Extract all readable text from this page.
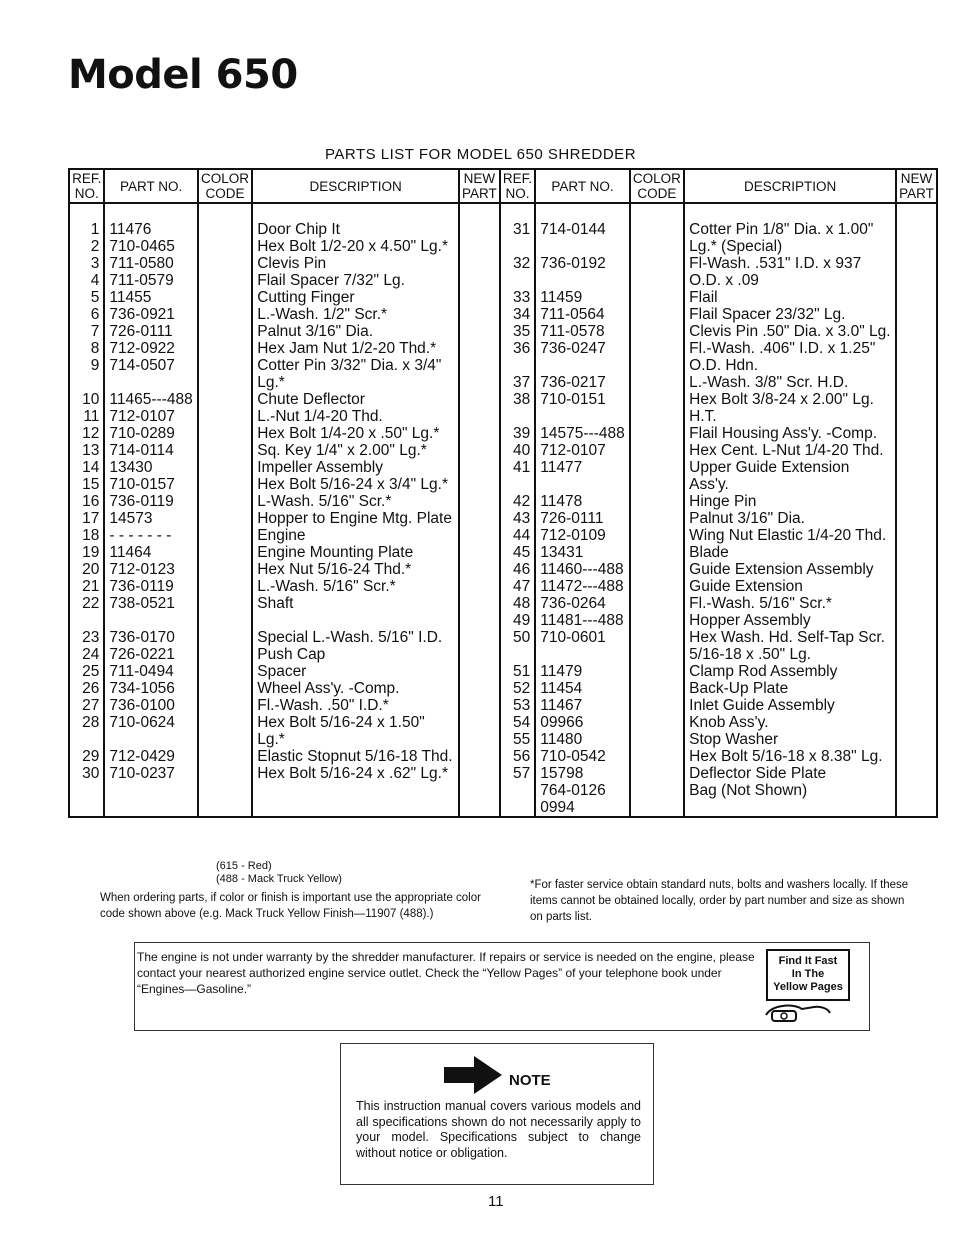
Model 650
PARTS LIST FOR MODEL 650 SHREDDER
REF. NO.	PART NO.	COLOR CODE	DESCRIPTION	NEW PART	REF. NO.	PART NO.	COLOR CODE	DESCRIPTION	NEW PART

1	11476		Door Chip It		31	714-0144		Cotter Pin 1/8" Dia. x 1.00"	
2	710-0465		Hex Bolt 1/2-20 x 4.50" Lg.*					Lg.* (Special)	
3	711-0580		Clevis Pin		32	736-0192		Fl-Wash. .531" I.D. x 937	
4	711-0579		Flail Spacer 7/32" Lg.					O.D. x .09	
5	11455		Cutting Finger		33	11459		Flail	
6	736-0921		L.-Wash. 1/2" Scr.*		34	711-0564		Flail Spacer 23/32" Lg.	
7	726-0111		Palnut 3/16" Dia.		35	711-0578		Clevis Pin .50" Dia. x 3.0" Lg.	
8	712-0922		Hex Jam Nut 1/2-20 Thd.*		36	736-0247		Fl.-Wash. .406" I.D. x 1.25"	
9	714-0507		Cotter Pin 3/32" Dia. x 3/4"					O.D. Hdn.	
			Lg.*		37	736-0217		L.-Wash. 3/8" Scr. H.D.	
10	11465---488		Chute Deflector		38	710-0151		Hex Bolt 3/8-24 x 2.00" Lg.	
11	712-0107		L.-Nut 1/4-20 Thd.					H.T.	
12	710-0289		Hex Bolt 1/4-20 x .50" Lg.*		39	14575---488		Flail Housing Ass'y. -Comp.	
13	714-0114		Sq. Key 1/4" x 2.00" Lg.*		40	712-0107		Hex Cent. L-Nut 1/4-20 Thd.	
14	13430		Impeller Assembly		41	11477		Upper Guide Extension	
15	710-0157		Hex Bolt 5/16-24 x 3/4" Lg.*					Ass'y.	
16	736-0119		L-Wash. 5/16" Scr.*		42	11478		Hinge Pin	
17	14573		Hopper to Engine Mtg. Plate		43	726-0111		Palnut 3/16" Dia.	
18	- - - - - - -		Engine		44	712-0109		Wing Nut Elastic 1/4-20 Thd.	
19	11464		Engine Mounting Plate		45	13431		Blade	
20	712-0123		Hex Nut 5/16-24 Thd.*		46	11460---488		Guide Extension Assembly	
21	736-0119		L.-Wash. 5/16" Scr.*		47	11472---488		Guide Extension	
22	738-0521		Shaft		48	736-0264		Fl.-Wash. 5/16" Scr.*	
					49	11481---488		Hopper Assembly	
23	736-0170		Special L.-Wash. 5/16" I.D.		50	710-0601		Hex Wash. Hd. Self-Tap Scr.	
24	726-0221		Push Cap					5/16-18 x .50" Lg.	
25	711-0494		Spacer		51	11479		Clamp Rod Assembly	
26	734-1056		Wheel Ass'y. -Comp.		52	11454		Back-Up Plate	
27	736-0100		Fl.-Wash. .50" I.D.*		53	11467		Inlet Guide Assembly	
28	710-0624		Hex Bolt 5/16-24 x 1.50"		54	09966		Knob Ass'y.	
			Lg.*		55	11480		Stop Washer	
29	712-0429		Elastic Stopnut 5/16-18 Thd.		56	710-0542		Hex Bolt 5/16-18 x 8.38" Lg.	
30	710-0237		Hex Bolt 5/16-24 x .62" Lg.*		57	15798		Deflector Side Plate	
						764-0126		Bag (Not Shown)	
						0994			
(615 - Red)
(488 - Mack Truck Yellow)
When ordering parts, if color or finish is important use the appropriate color code shown above (e.g. Mack Truck Yellow Finish—11907 (488).)
*For faster service obtain standard nuts, bolts and washers locally. If these items cannot be obtained locally, order by part number and size as shown on parts list.
The engine is not under warranty by the shredder manufacturer. If repairs or service is needed on the engine, please contact your nearest authorized engine service outlet. Check the “Yellow Pages” of your telephone book under “Engines—Gasoline.”
Find It Fast
In The
Yellow Pages
NOTE
This instruction manual covers various models and all specifications shown do not necessarily apply to your model. Specifications subject to change without notice or obligation.
11
